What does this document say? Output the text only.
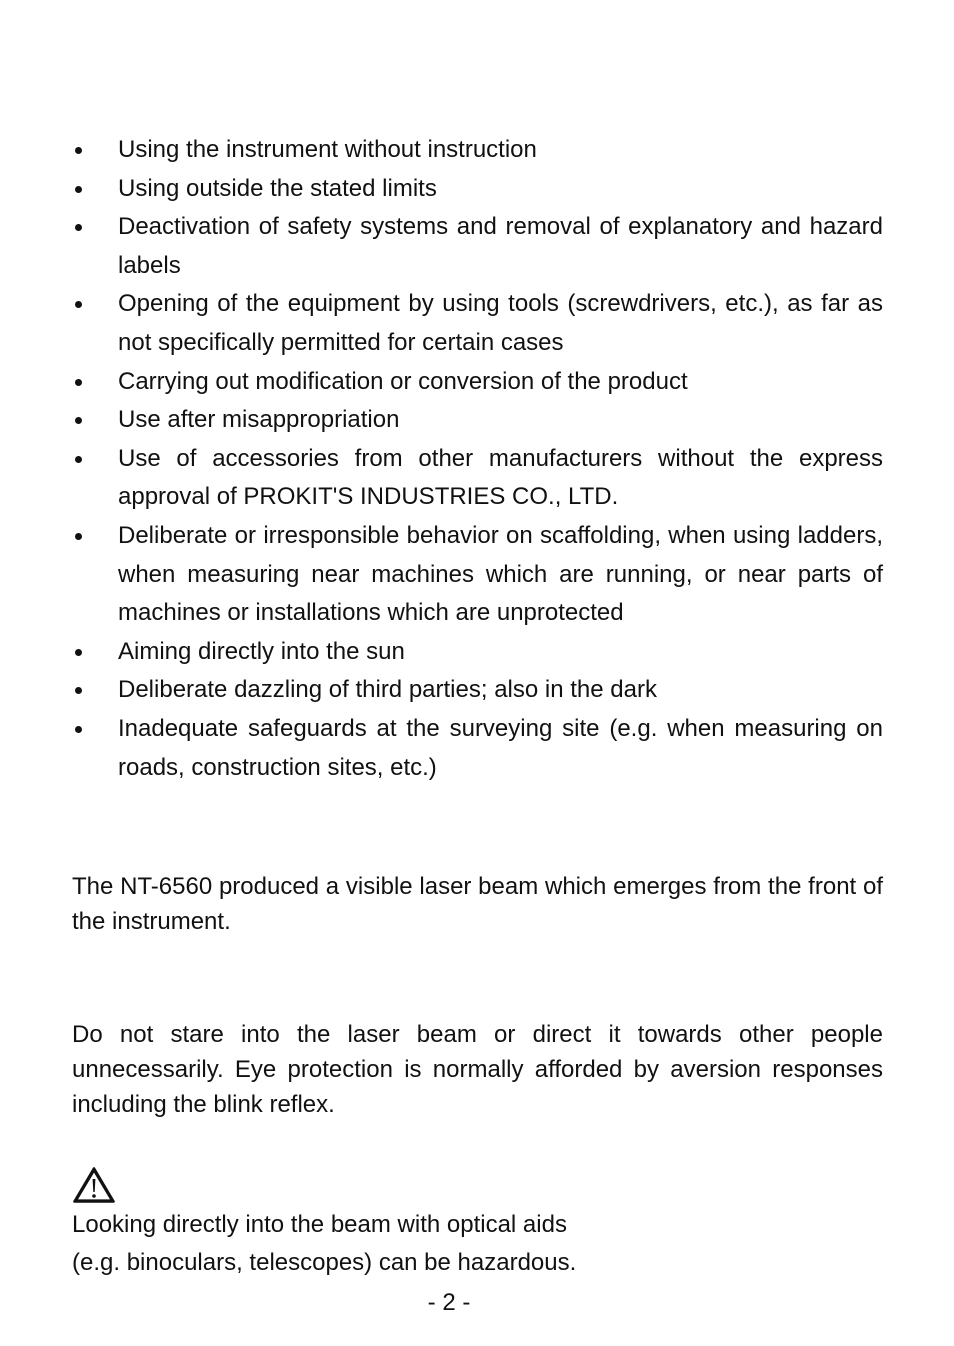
Using the instrument without instruction
Using outside the stated limits
Deactivation of safety systems and removal of explanatory and hazard labels
Opening of the equipment by using tools (screwdrivers, etc.), as far as not specifically permitted for certain cases
Carrying out modification or conversion of the product
Use after misappropriation
Use of accessories from other manufacturers without the express approval of PROKIT'S INDUSTRIES CO., LTD.
Deliberate or irresponsible behavior on scaffolding, when using ladders, when measuring near machines which are running, or near parts of machines or installations which are unprotected
Aiming directly into the sun
Deliberate dazzling of third parties; also in the dark
Inadequate safeguards at the surveying site (e.g. when measuring on roads, construction sites, etc.)

The NT-6560 produced a visible laser beam which emerges from the front of the instrument.

Do not stare into the laser beam or direct it towards other people unnecessarily. Eye protection is normally afforded by aversion responses including the blink reflex.

Looking directly into the beam with optical aids
(e.g. binoculars, telescopes) can be hazardous.
- 2 -
